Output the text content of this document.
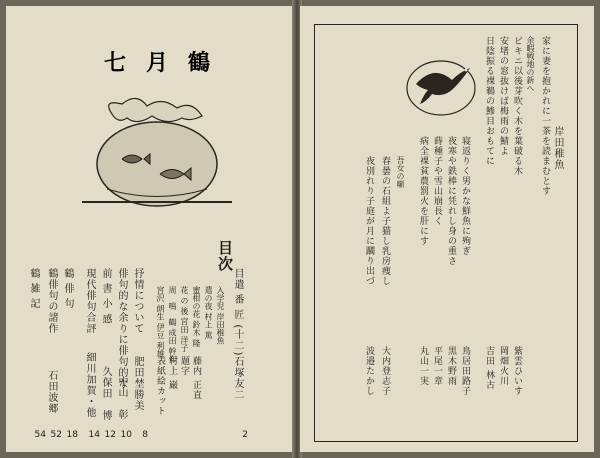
七月鶴
目次
目遣 番 匠 (十二)
石塚友二
2
入学児 岸田稚魚
遣の夜 村上 篤
蜜柑の花 鈴木 隆
花 の 後 宮田 洋子
周　鳴　鶴 成田 幹作
宮沢 朗生 伊豆 利雄
抒情について
肥田埜勝美
8
俳句的な余りに俳句的な
中山　彰
10
前 書 小 感
久保田　博
12
現代俳句合評
細川加賀・他
14
鶴 俳 句
18
鶴俳句の諸作
石田波郷
52
鶴 雑 記
54
表紙絵カット 村上 巌 題字 藤内 正直
岸田稚魚
家に妻を抱かれに一茶を読まむとす
余暇戦地の新へ
ビキニ以後芽吹く木を葉破る木
紫雲ひいす
安堵の窓抜けば梅雨の鯖よ
岡畑火川
日陰振る裸鵜の鯵目おもてに
吉田 林古
寝返りく男かな鮮魚に殉ぎ
鳥居田路子
夜寒や鉄棒に凭れし身の重さ
黒木野雨
蒔種子や雪山崩長く
平尾一章
病全裸貧農罰火を肝にす
丸山一実
吾女の噺
春曇の石組よ子猫し乳房痩し
夜別れり子庭が月に躙り出づ
大内登志子
波邉たかし
